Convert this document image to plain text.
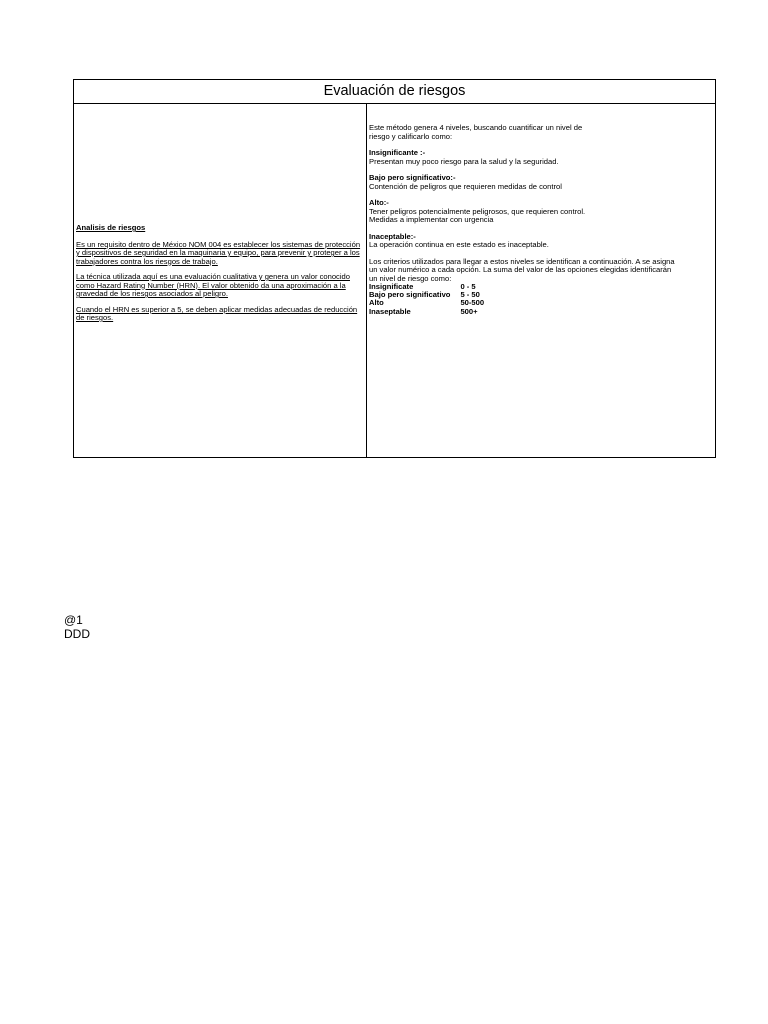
Evaluación de riesgos
Analisis de riesgos

Es un requisito dentro de México NOM 004 es establecer los sistemas de protección y dispositivos de seguridad en la maquinaria y equipo, para prevenir y proteger a los trabajadores contra los riesgos de trabajo.

La técnica utilizada aquí es una evaluación cualitativa y genera un valor conocido como Hazard Rating Number (HRN). El valor obtenido da una aproximación a la gravedad de los riesgos asociados al peligro.

Cuando el HRN es superior a 5, se deben aplicar medidas adecuadas de reducción de riesgos.

Este método genera 4 niveles, buscando cuantificar un nivel de riesgo y calificarlo como:
Insignificante :-
Presentan muy poco riesgo para la salud y la seguridad.
Bajo pero significativo:-
Contención de peligros que requieren medidas de control
Alto:-
Tener peligros potencialmente peligrosos, que requieren control.
Medidas a implementar con urgencia
Inaceptable:-
La operación continua en este estado es inaceptable.
Los criterios utilizados para llegar a estos niveles se identifican a continuación. A se asigna un valor numérico a cada opción. La suma del valor de las opciones elegidas identificarán un nivel de riesgo como:
Insignificate	0 - 5
Bajo pero significativo	5 - 50
Alto	50-500
Inaseptable	500+
@1
DDD
